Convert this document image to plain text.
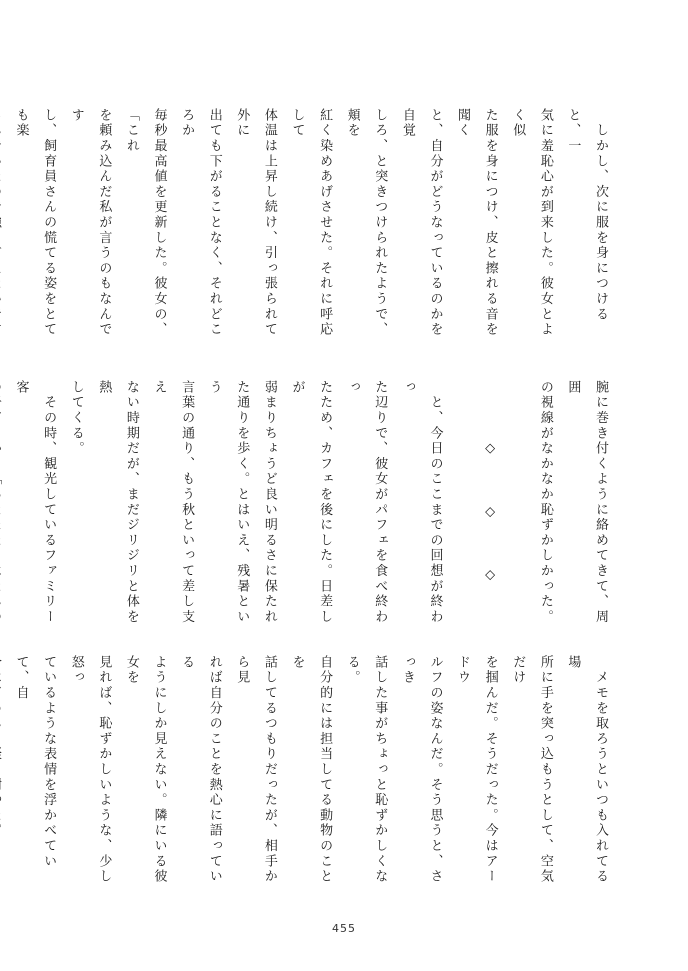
　しかし、次に服を身につけると、一
気に羞恥心が到来した。彼女とよく似
た服を身につけ、皮と擦れる音を聞く
と、自分がどうなっているのかを自覚
しろ、と突きつけられたようで、頬を
紅く染めあげさせた。それに呼応して
体温は上昇し続け、引っ張られて外に
出ても下がることなく、それどころか
毎秒最高値を更新した。彼女の、「これ
を頼み込んだ私が言うのもなんです
し、飼育員さんの慌てる姿をとても楽

腕に巻き付くように絡めてきて、周囲
の視線がなかなか恥ずかしかった。

　　　　◇　　　◇　　　◇

　と、今日のここまでの回想が終わっ
た辺りで、彼女がパフェを食べ終わっ
たため、カフェを後にした。日差しが
弱まりちょうど良い明るさに保たれ
た通りを歩く。とはいえ、残暑という
言葉の通り、もう秋といって差し支え
ない時期だが、まだジリジリと体を熱
してくる。
　その時、観光しているファミリー客

　メモを取ろうといつも入れてる場
所に手を突っ込もうとして、空気だけ
を掴んだ。そうだった。今はアードウ
ルフの姿なんだ。そう思うと、さっき
話した事がちょっと恥ずかしくなる。
自分的には担当してる動物のことを
話してるつもりだったが、相手から見
れば自分のことを熱心に語っている
ようにしか見えない。隣にいる彼女を
見れば、恥ずかしいような、少し怒っ
ているような表情を浮かべていて、自

455
